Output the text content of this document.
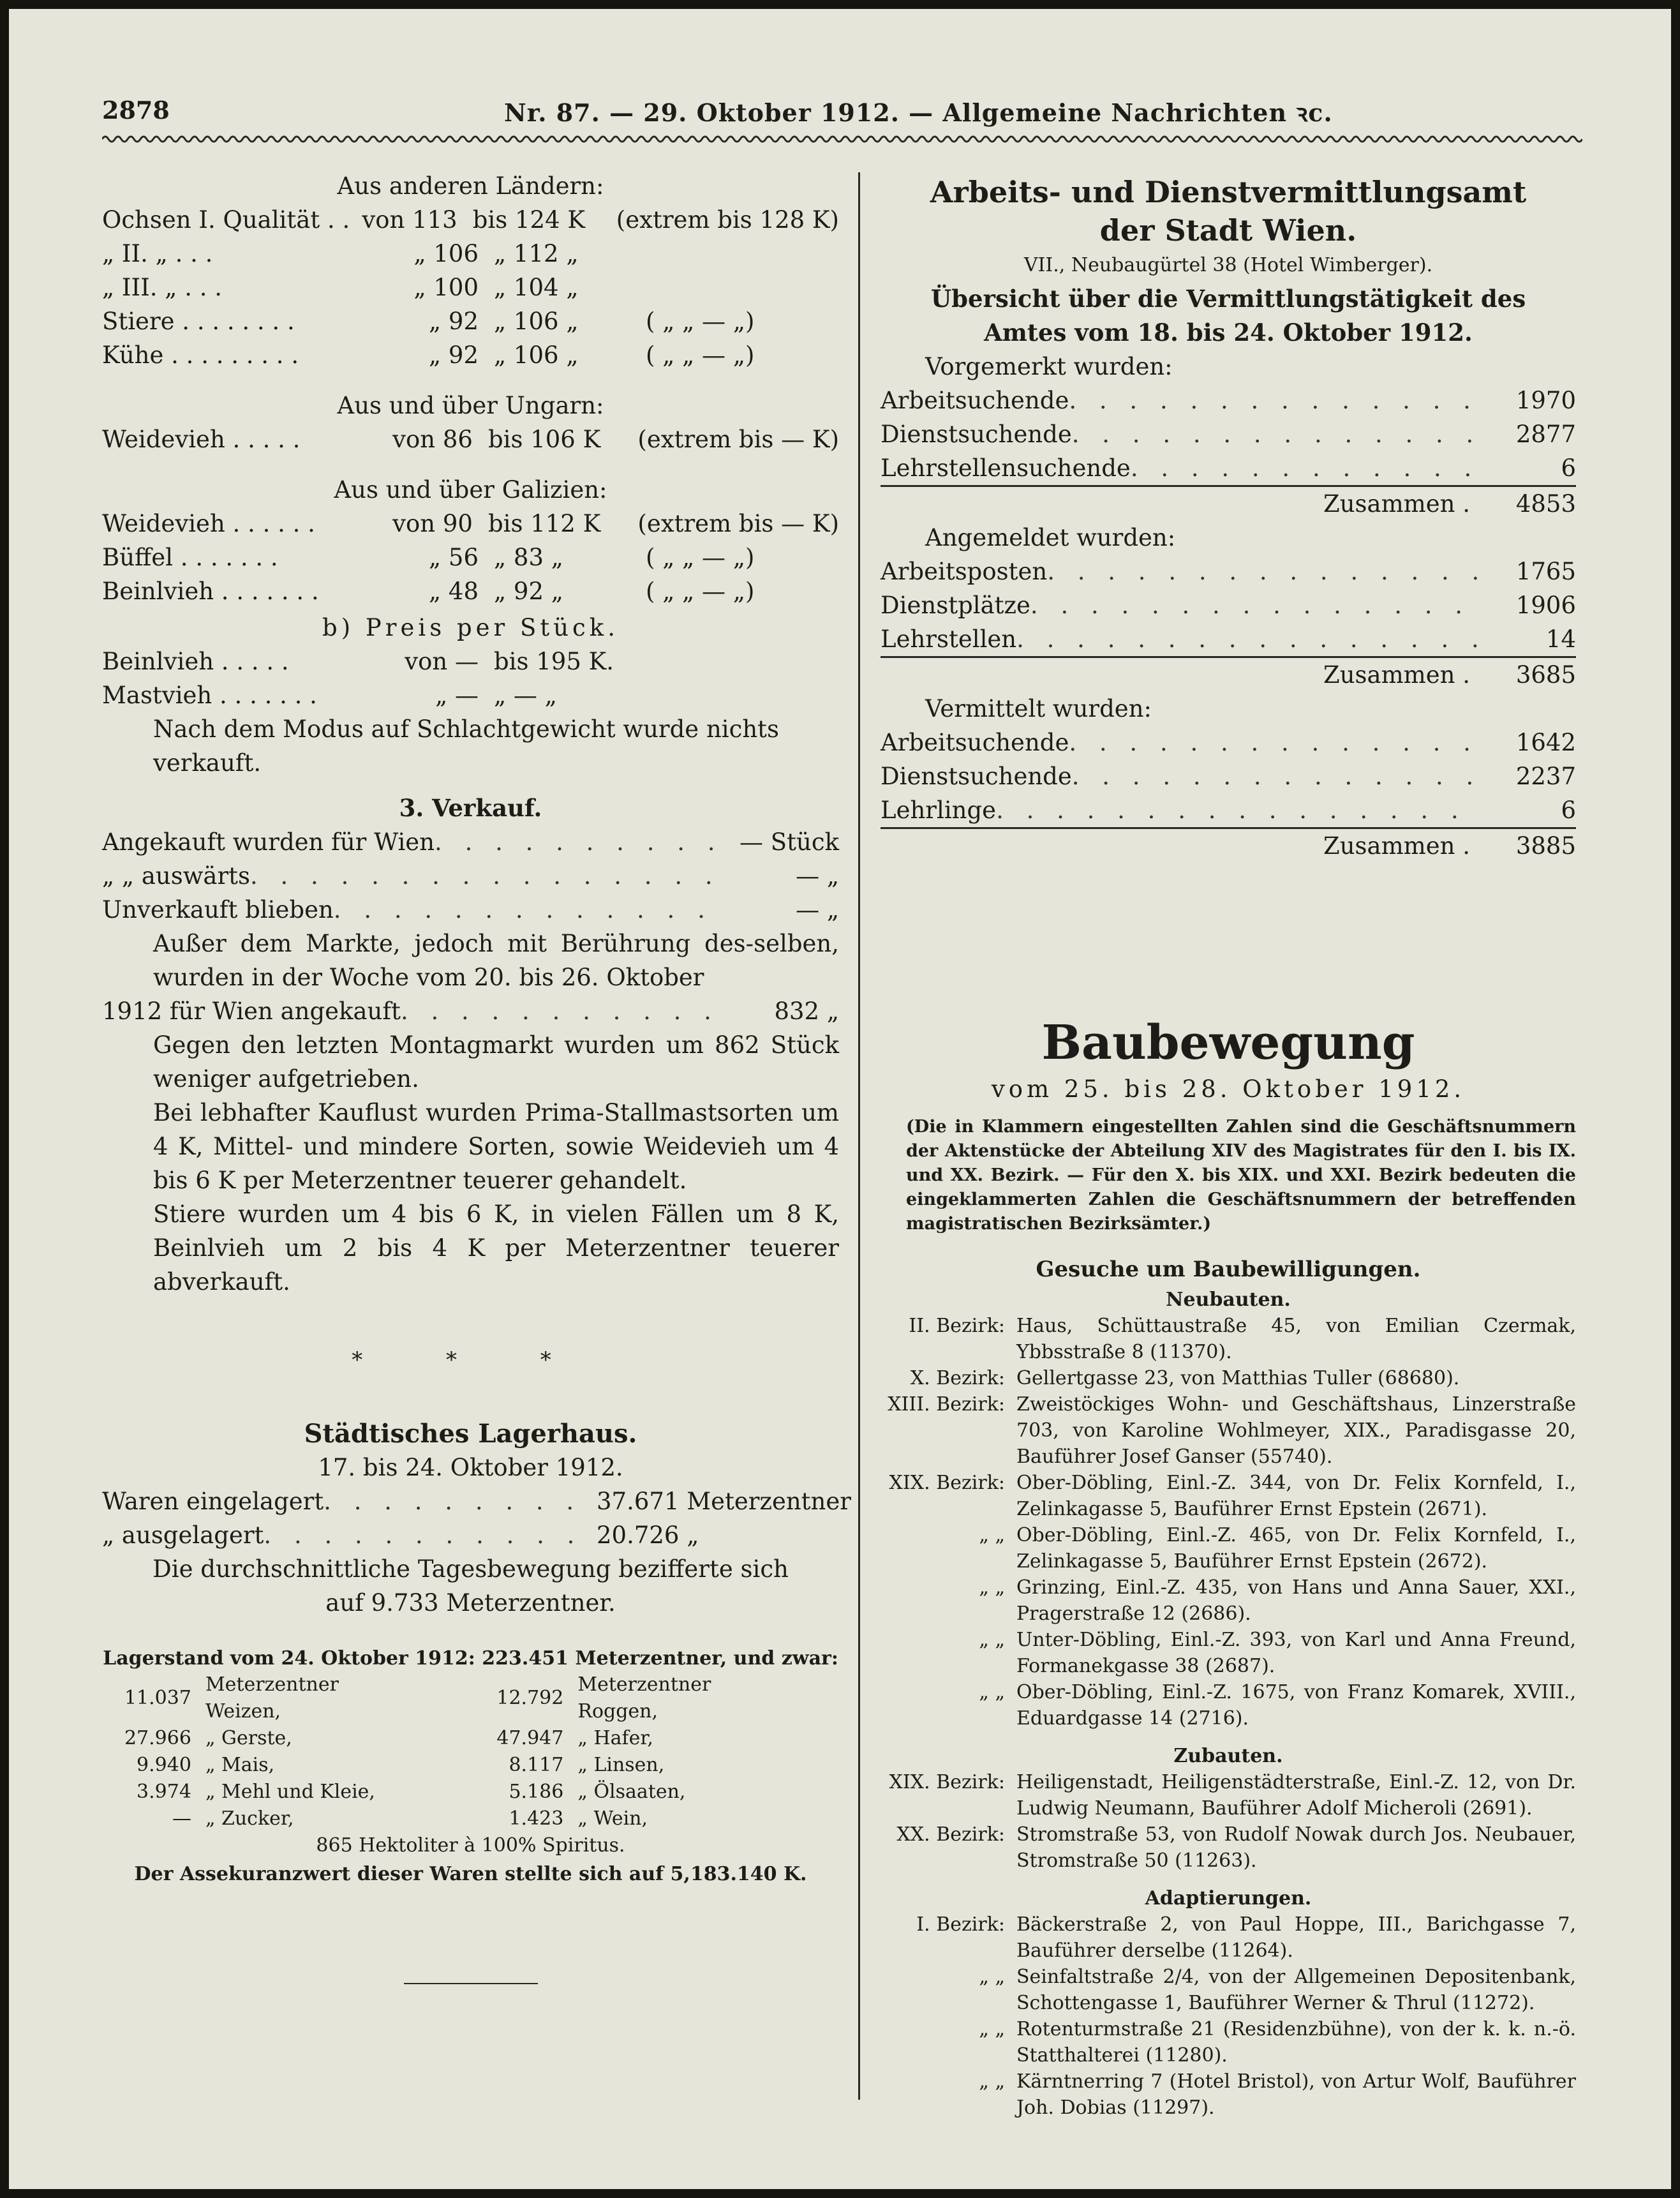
2878	Nr. 87. — 29. Oktober 1912. — Allgemeine Nachrichten ꝛc.
Aus anderen Ländern:
Ochsen I. Qualität . . von 113 bis 124 K	(extrem bis 128 K)
„ II. „ . . .	„ 106 „ 112 „
„ III. „ . . .	„ 100 „ 104 „
Stiere . . . . . . . .	„ 92 „ 106 „	( „ „ — „)
Kühe . . . . . . . . .	„ 92 „ 106 „	( „ „ — „)
Aus und über Ungarn:
Weidevieh . . . . .	von 86 bis 106 K	(extrem bis — K)
Aus und über Galizien:
Weidevieh . . . . . .	von 90 bis 112 K	(extrem bis — K)
Büffel . . . . . . .	„ 56 „ 83 „	( „ „ — „)
Beinlvieh . . . . . . .	„ 48 „ 92 „	( „ „ — „)
b) Preis per Stück.
Beinlvieh . . . . .	von — bis 195 K.
Mastvieh . . . . . . .	„ — „ — „
Nach dem Modus auf Schlachtgewicht wurde nichts verkauft.
3. Verkauf.
Angekauft wurden für Wien . . .	— Stück
„ „ auswärts . . .	— „
Unverkauft blieben . . .	— „
Außer dem Markte, jedoch mit Berührung des-selben, wurden in der Woche vom 20. bis 26. Oktober
1912 für Wien angekauft . . .	832 „
Gegen den letzten Montagmarkt wurden um 862 Stück weniger aufgetrieben.
Bei lebhafter Kauflust wurden Prima-Stallmastsorten um 4 K, Mittel- und mindere Sorten, sowie Weidevieh um 4 bis 6 K per Meterzentner teuerer gehandelt.
Stiere wurden um 4 bis 6 K, in vielen Fällen um 8 K, Beinlvieh um 2 bis 4 K per Meterzentner teuerer abverkauft.
* * *
Städtisches Lagerhaus.
17. bis 24. Oktober 1912.
Waren eingelagert . . .	37.671 Meterzentner
„ ausgelagert . . .	20.726 „
Die durchschnittliche Tagesbewegung bezifferte sich auf 9.733 Meterzentner.
Lagerstand vom 24. Oktober 1912: 223.451 Meterzentner, und zwar:
11.037	Meterzentner Weizen,	12.792	Meterzentner Roggen,
27.966	„ Gerste,	47.947	„ Hafer,
9.940	„ Mais,	8.117	„ Linsen,
3.974	„ Mehl und Kleie,	5.186	„ Ölsaaten,
—	„ Zucker,	1.423	„ Wein,
865 Hektoliter à 100% Spiritus.
Der Assekuranzwert dieser Waren stellte sich auf 5,183.140 K.
Arbeits- und Dienstvermittlungsamt
der Stadt Wien.
VII., Neubaugürtel 38 (Hotel Wimberger).
Übersicht über die Vermittlungstätigkeit des Amtes vom 18. bis 24. Oktober 1912.
Vorgemerkt wurden:
Arbeitsuchende . . .	1970
Dienstsuchende . . .	2877
Lehrstellensuchende . . .	6
Zusammen .	4853
Angemeldet wurden:
Arbeitsposten . . .	1765
Dienstplätze . . .	1906
Lehrstellen . . .	14
Zusammen .	3685
Vermittelt wurden:
Arbeitsuchende . . .	1642
Dienstsuchende . . .	2237
Lehrlinge . . .	6
Zusammen .	3885
Baubewegung
vom 25. bis 28. Oktober 1912.
(Die in Klammern eingestellten Zahlen sind die Geschäftsnummern der Aktenstücke der Abteilung XIV des Magistrates für den I. bis IX. und XX. Bezirk. — Für den X. bis XIX. und XXI. Bezirk bedeuten die eingeklammerten Zahlen die Geschäftsnummern der betreffenden magistratischen Bezirksämter.)
Gesuche um Baubewilligungen.
Neubauten.
II. Bezirk: Haus, Schüttaustraße 45, von Emilian Czermak, Ybbsstraße 8 (11370).
X. Bezirk: Gellertgasse 23, von Matthias Tuller (68680).
XIII. Bezirk: Zweistöckiges Wohn- und Geschäftshaus, Linzerstraße 703, von Karoline Wohlmeyer, XIX., Paradisgasse 20, Bauführer Josef Ganser (55740).
XIX. Bezirk: Ober-Döbling, Einl.-Z. 344, von Dr. Felix Kornfeld, I., Zelinkagasse 5, Bauführer Ernst Epstein (2671).
„ „ Ober-Döbling, Einl.-Z. 465, von Dr. Felix Kornfeld, I., Zelinkagasse 5, Bauführer Ernst Epstein (2672).
„ „ Grinzing, Einl.-Z. 435, von Hans und Anna Sauer, XXI., Pragerstraße 12 (2686).
„ „ Unter-Döbling, Einl.-Z. 393, von Karl und Anna Freund, Formanekgasse 38 (2687).
„ „ Ober-Döbling, Einl.-Z. 1675, von Franz Komarek, XVIII., Eduardgasse 14 (2716).
Zubauten.
XIX. Bezirk: Heiligenstadt, Heiligenstädterstraße, Einl.-Z. 12, von Dr. Ludwig Neumann, Bauführer Adolf Micheroli (2691).
XX. Bezirk: Stromstraße 53, von Rudolf Nowak durch Jos. Neubauer, Stromstraße 50 (11263).
Adaptierungen.
I. Bezirk: Bäckerstraße 2, von Paul Hoppe, III., Barichgasse 7, Bauführer derselbe (11264).
„ „ Seinfaltstraße 2/4, von der Allgemeinen Depositenbank, Schottengasse 1, Bauführer Werner & Thrul (11272).
„ „ Rotenturmstraße 21 (Residenzbühne), von der k. k. n.-ö. Statthalterei (11280).
„ „ Kärntnerring 7 (Hotel Bristol), von Artur Wolf, Bauführer Joh. Dobias (11297).
